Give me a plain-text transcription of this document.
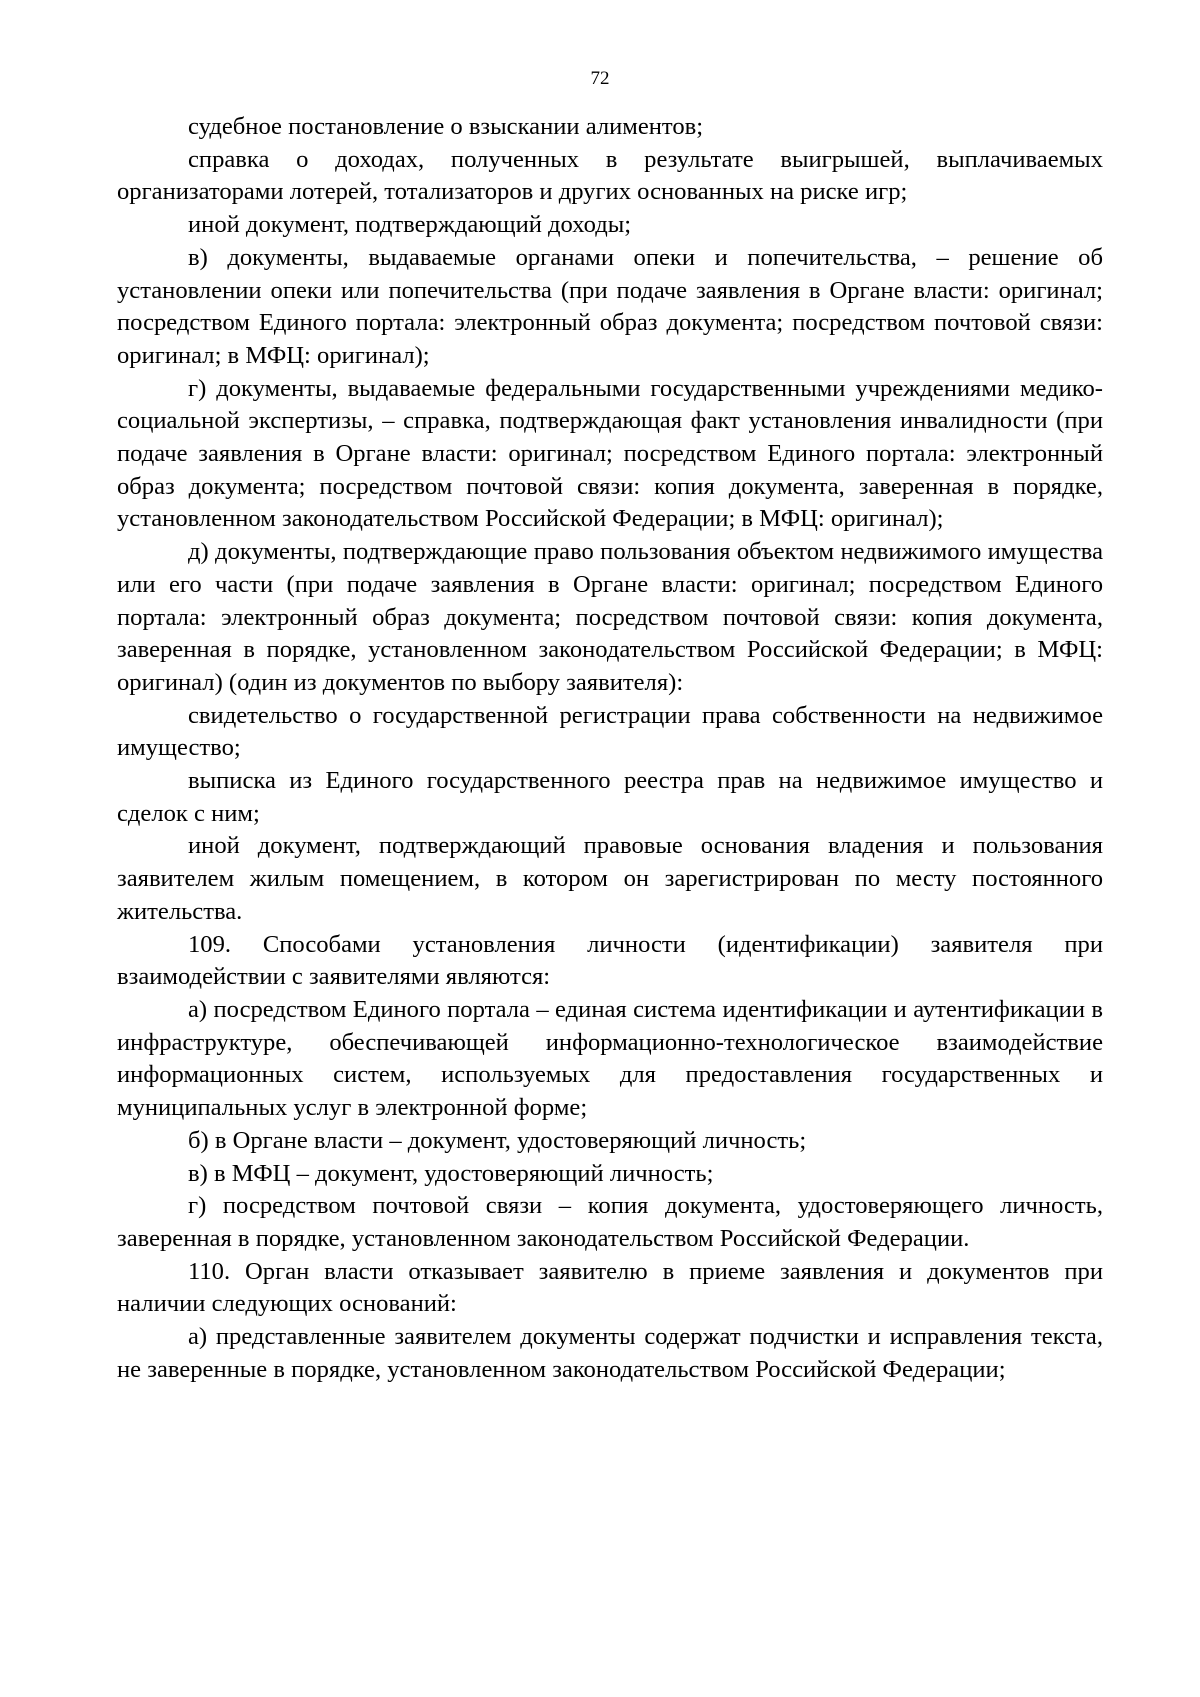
72

судебное постановление о взыскании алиментов;

справка о доходах, полученных в результате выигрышей, выплачиваемых организаторами лотерей, тотализаторов и других основанных на риске игр;

иной документ, подтверждающий доходы;

в) документы, выдаваемые органами опеки и попечительства, – решение об установлении опеки или попечительства (при подаче заявления в Органе власти: оригинал; посредством Единого портала: электронный образ документа; посредством почтовой связи: оригинал; в МФЦ: оригинал);

г) документы, выдаваемые федеральными государственными учреждениями медико-социальной экспертизы, – справка, подтверждающая факт установления инвалидности (при подаче заявления в Органе власти: оригинал; посредством Единого портала: электронный образ документа; посредством почтовой связи: копия документа, заверенная в порядке, установленном законодательством Российской Федерации; в МФЦ: оригинал);

д) документы, подтверждающие право пользования объектом недвижимого имущества или его части (при подаче заявления в Органе власти: оригинал; посредством Единого портала: электронный образ документа; посредством почтовой связи: копия документа, заверенная в порядке, установленном законодательством Российской Федерации; в МФЦ: оригинал) (один из документов по выбору заявителя):

свидетельство о государственной регистрации права собственности на недвижимое имущество;

выписка из Единого государственного реестра прав на недвижимое имущество и сделок с ним;

иной документ, подтверждающий правовые основания владения и пользования заявителем жилым помещением, в котором он зарегистрирован по месту постоянного жительства.

109. Способами установления личности (идентификации) заявителя при взаимодействии с заявителями являются:

а) посредством Единого портала – единая система идентификации и аутентификации в инфраструктуре, обеспечивающей информационно-технологическое взаимодействие информационных систем, используемых для предоставления государственных и муниципальных услуг в электронной форме;

б) в Органе власти – документ, удостоверяющий личность;

в) в МФЦ – документ, удостоверяющий личность;

г) посредством почтовой связи – копия документа, удостоверяющего личность, заверенная в порядке, установленном законодательством Российской Федерации.

110. Орган власти отказывает заявителю в приеме заявления и документов при наличии следующих оснований:

а) представленные заявителем документы содержат подчистки и исправления текста, не заверенные в порядке, установленном законодательством Российской Федерации;
